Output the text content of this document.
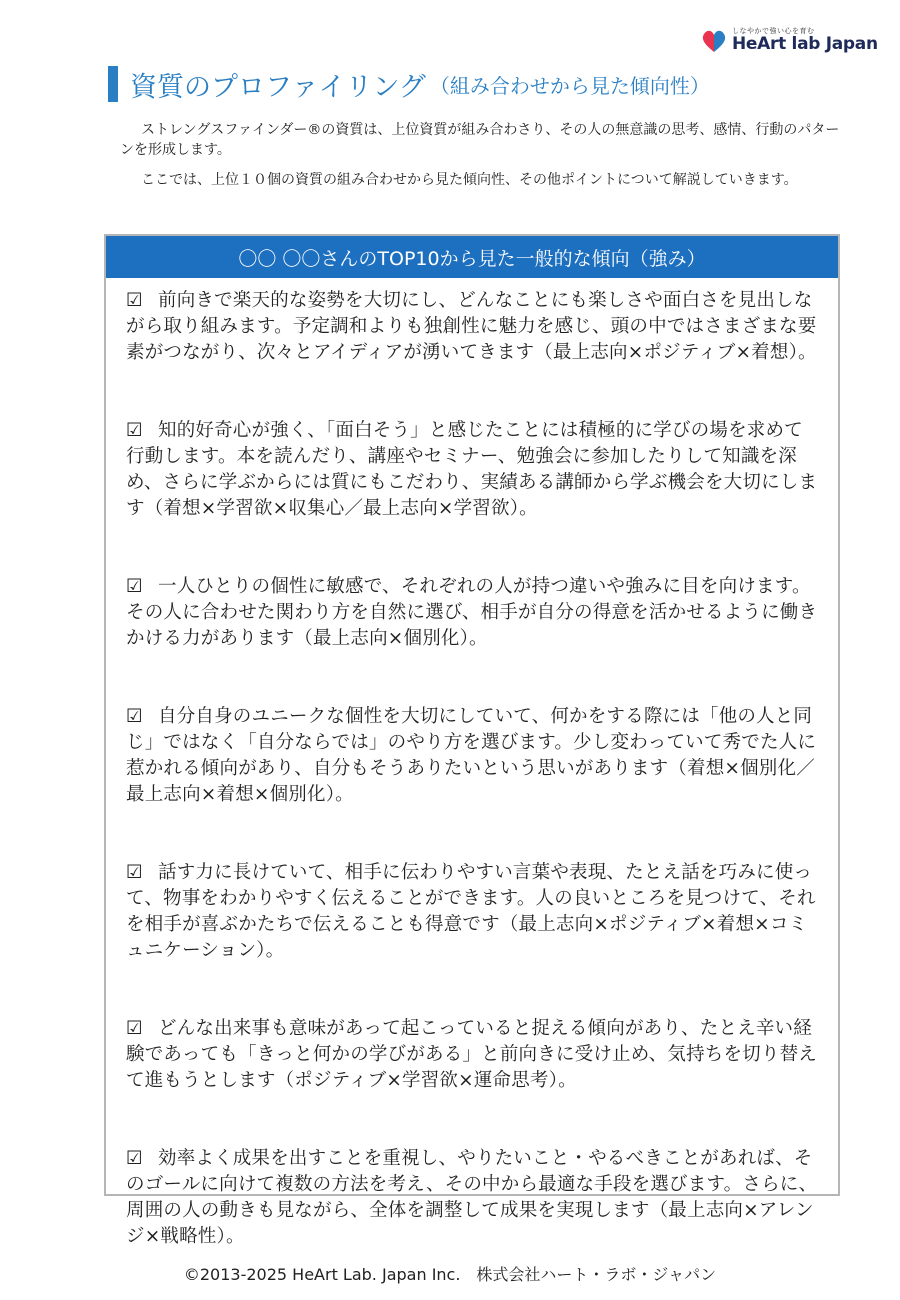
しなやかで強い心を育む
HeArt lab Japan
資質のプロファイリング （組み合わせから見た傾向性）

ストレングスファインダー®の資質は、上位資質が組み合わさり、その人の無意識の思考、感情、行動のパターンを形成します。

ここでは、上位１０個の資質の組み合わせから見た傾向性、その他ポイントについて解説していきます。

〇〇 〇〇さんのTOP10から見た一般的な傾向（強み）

☑ 前向きで楽天的な姿勢を大切にし、どんなことにも楽しさや面白さを見出しながら取り組みます。予定調和よりも独創性に魅力を感じ、頭の中ではさまざまな要素がつながり、次々とアイディアが湧いてきます（最上志向×ポジティブ×着想）。

☑ 知的好奇心が強く、「面白そう」と感じたことには積極的に学びの場を求めて行動します。本を読んだり、講座やセミナー、勉強会に参加したりして知識を深め、さらに学ぶからには質にもこだわり、実績ある講師から学ぶ機会を大切にします（着想×学習欲×収集心／最上志向×学習欲）。

☑ 一人ひとりの個性に敏感で、それぞれの人が持つ違いや強みに目を向けます。その人に合わせた関わり方を自然に選び、相手が自分の得意を活かせるように働きかける力があります（最上志向×個別化）。

☑ 自分自身のユニークな個性を大切にしていて、何かをする際には「他の人と同じ」ではなく「自分ならでは」のやり方を選びます。少し変わっていて秀でた人に惹かれる傾向があり、自分もそうありたいという思いがあります（着想×個別化／最上志向×着想×個別化）。

☑ 話す力に長けていて、相手に伝わりやすい言葉や表現、たとえ話を巧みに使って、物事をわかりやすく伝えることができます。人の良いところを見つけて、それを相手が喜ぶかたちで伝えることも得意です（最上志向×ポジティブ×着想×コミュニケーション）。

☑ どんな出来事も意味があって起こっていると捉える傾向があり、たとえ辛い経験であっても「きっと何かの学びがある」と前向きに受け止め、気持ちを切り替えて進もうとします（ポジティブ×学習欲×運命思考）。

☑ 効率よく成果を出すことを重視し、やりたいこと・やるべきことがあれば、そのゴールに向けて複数の方法を考え、その中から最適な手段を選びます。さらに、周囲の人の動きも見ながら、全体を調整して成果を実現します（最上志向×アレンジ×戦略性）。

©2013-2025 HeArt Lab. Japan Inc.　株式会社ハート・ラボ・ジャパン
